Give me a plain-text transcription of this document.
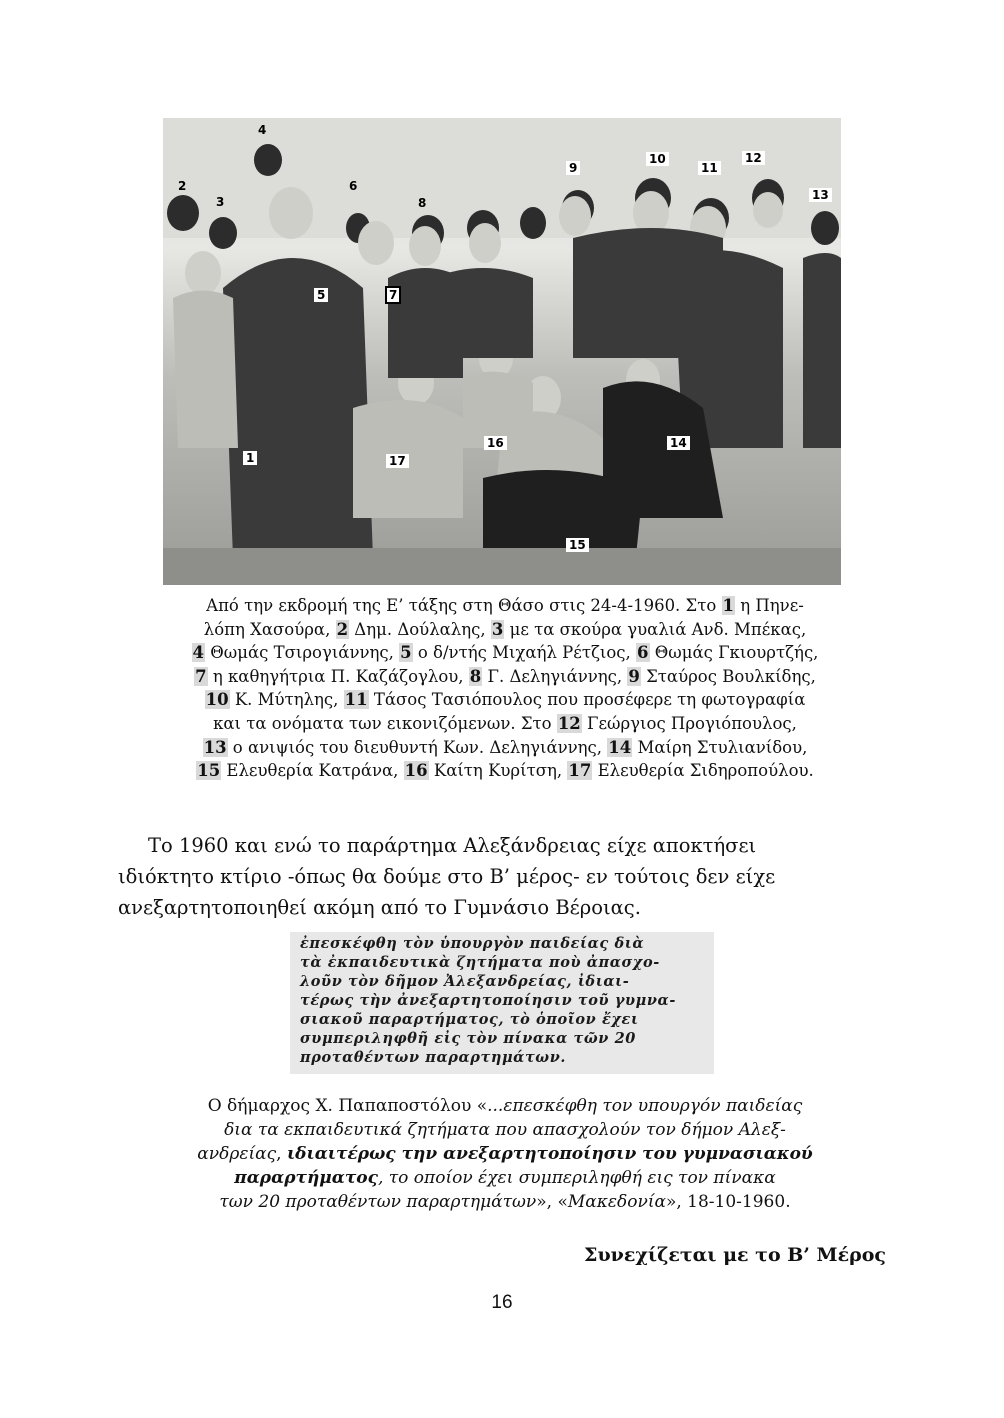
1
2
3
4
5
6
7
8
9
10
11
12
13
14
15
16
17
Από την εκδρομή της Ε’ τάξης στη Θάσο στις 24-4-1960. Στο 1 η Πηνε-
λόπη Χασούρα, 2 Δημ. Δούλαλης, 3 με τα σκούρα γυαλιά Ανδ. Μπέκας,
4 Θωμάς Τσιρογιάννης, 5 ο δ/ντής Μιχαήλ Ρέτζιος, 6 Θωμάς Γκιουρτζής,
7 η καθηγήτρια Π. Καζάζογλου, 8 Γ. Δεληγιάννης, 9 Σταύρος Βουλκίδης,
10 Κ. Μύτηλης, 11 Τάσος Τασιόπουλος που προσέφερε τη φωτογραφία
και τα ονόματα των εικονιζόμενων. Στο 12 Γεώργιος Προγιόπουλος,
13 ο ανιψιός του διευθυντή Κων. Δεληγιάννης, 14 Μαίρη Στυλιανίδου,
15 Ελευθερία Κατράνα, 16 Καίτη Κυρίτση, 17 Ελευθερία Σιδηροπούλου.
Το 1960 και ενώ το παράρτημα Αλεξάνδρειας είχε αποκτήσει
ιδιόκτητο κτίριο -όπως θα δούμε στο Β’ μέρος- εν τούτοις δεν είχε
ανεξαρτητοποιηθεί ακόμη από το Γυμνάσιο Βέροιας.
ἐπεσκέφθη τὸν ὑπουργὸν παιδείας διὰ
τὰ ἐκπαιδευτικὰ ζητήματα ποὺ ἀπασχο-
λοῦν τὸν δῆμον Ἀλεξανδρείας, ἰδιαι-
τέρως τὴν ἀνεξαρτητοποίησιν τοῦ γυμνα-
σιακοῦ παραρτήματος, τὸ ὁποῖον ἔχει
συμπεριληφθῆ εἰς τὸν πίνακα τῶν 20
προταθέντων παραρτημάτων.
Ο δήμαρχος Χ. Παπαποστόλου «...επεσκέφθη τον υπουργόν παιδείας
δια τα εκπαιδευτικά ζητήματα που απασχολούν τον δήμον Αλεξ-
ανδρείας, ιδιαιτέρως την ανεξαρτητοποίησιν του γυμνασιακού
παραρτήματος, το οποίον έχει συμπεριληφθή εις τον πίνακα
των 20 προταθέντων παραρτημάτων», «Μακεδονία», 18-10-1960.
Συνεχίζεται με το Β’ Μέρος
16
